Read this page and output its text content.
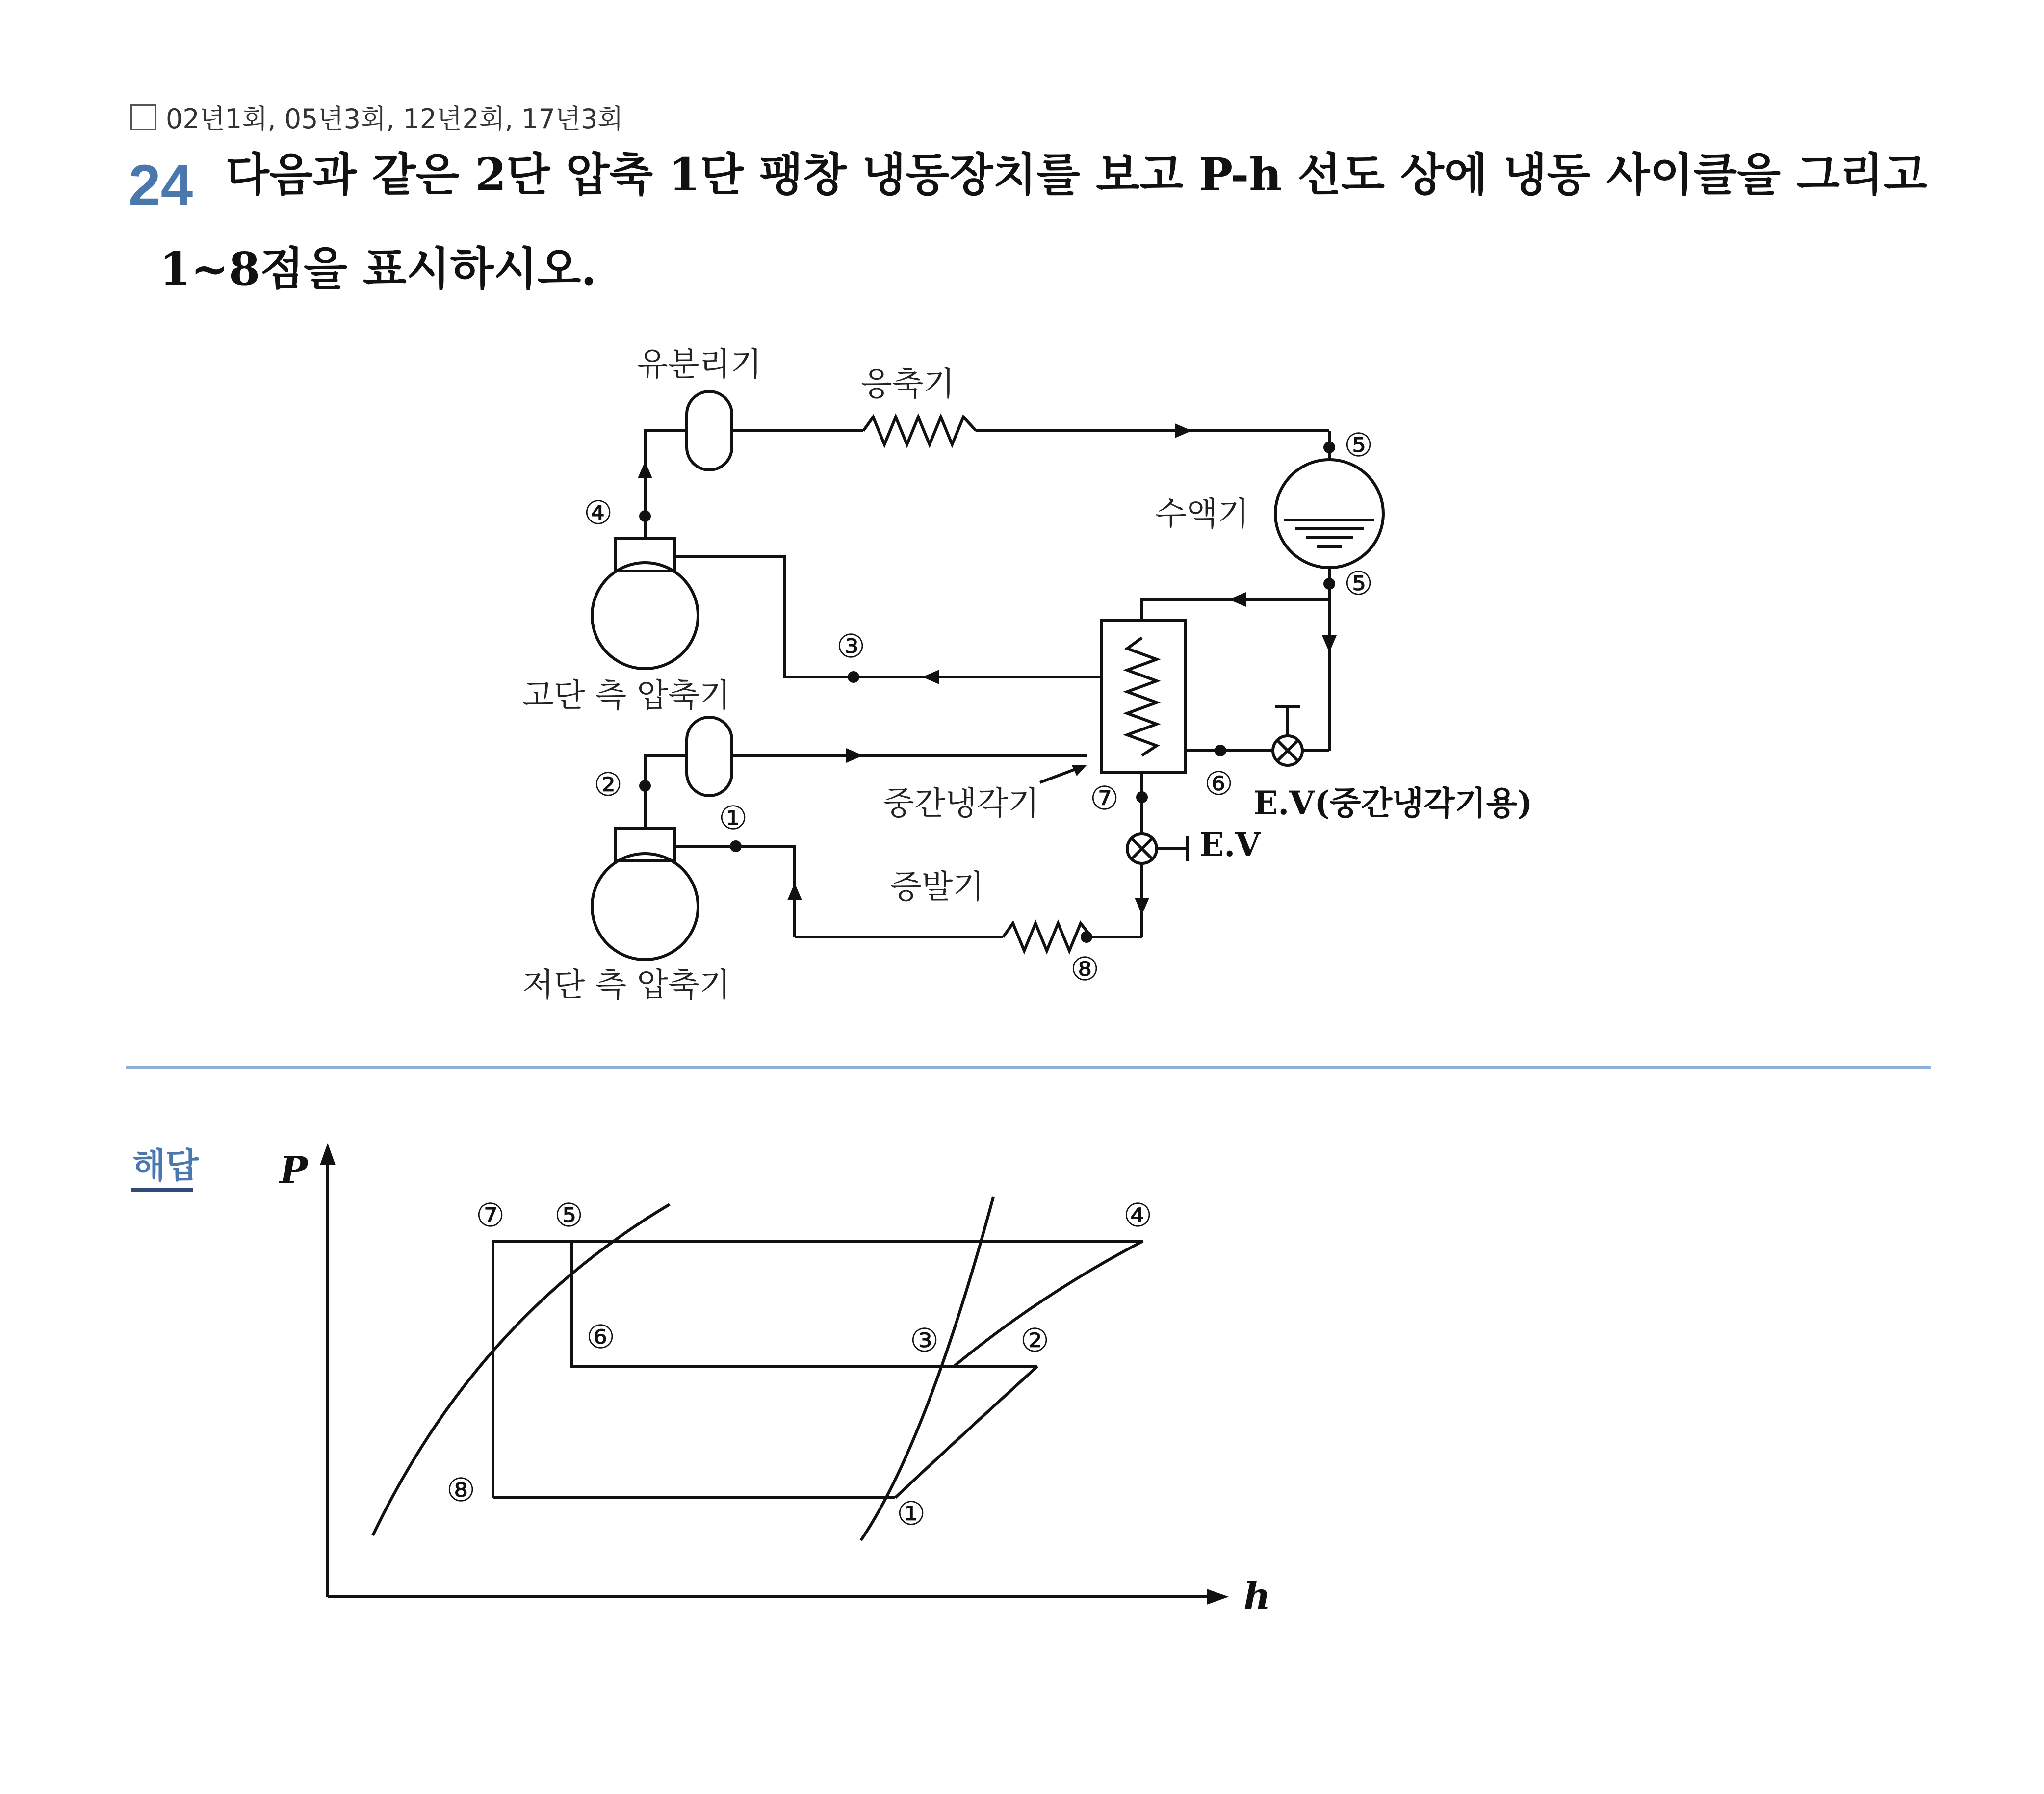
02년1회, 05년3회, 12년2회, 17년3회
24 다음과 같은 2단 압축 1단 팽창 냉동장치를 보고 P-h 선도 상에 냉동 사이클을 그리고
1~8점을 표시하시오.
유분리기
응축기
수액기
고단 측 압축기
저단 측 압축기
중간냉각기
증발기
E.V(중간냉각기용)
E.V
④
③
②
①
⑤
⑤
⑥
⑦
⑧
해답 P
h
⑦ ⑤	④
⑥	③	②
⑧
①
